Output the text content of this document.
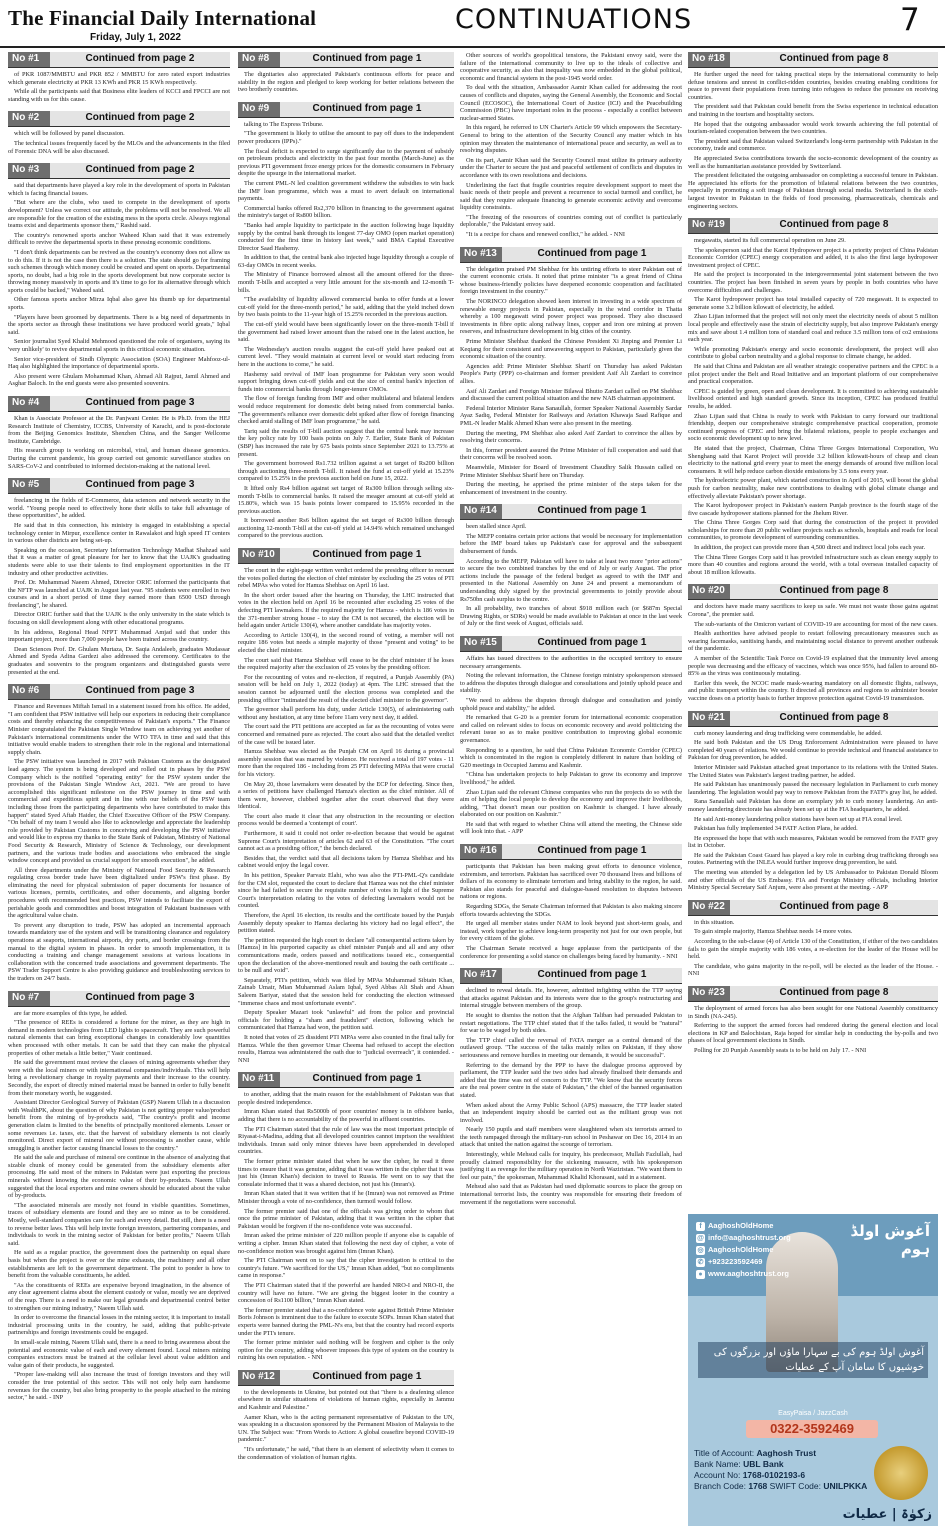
The Financial Daily International
Friday, July 1, 2022
CONTINUATIONS	7
No #1	Continued from page 2

of PKR 1087/MMBTU and PKR 852 / MMBTU for zero rated export industries which generate electricity at PKR 13 KWh and PKR 15 KWh respectively.

While all the participants said that Business elite leaders of KCCI and FPCCI are not standing with us for this cause.

No #2	Continued from page 2

which will be followed by panel discussion.

The technical issues frequently faced by the MLOs and the advancements in the filed of Forensic DNA will be also discussed.

No #3	Continued from page 2

said that departments have played a key role in the development of sports in Pakistan which is facing financial issues.

"But where are the clubs, who used to compete in the development of sports development? Unless we correct our attitude, the problems will not be resolved. We all are responsible for the creation of the existing mess in the sports circle. Always regional teams exist and departments sponsor them," Rashid said.

The country's renowned sports anchor Waheed Khan said that it was extremely difficult to revive the departmental sports in these pressing economic conditions.

"I don't think departments can be revived as the country's economy does not allow us to do this. If it is not the case then there is a solution. The state should go for framing such schemes through which money could be created and spent on sports. Departmental sports, no doubt, had a big role in the sports development but now corporate sector is throwing money massively in sports and it's time to go for its alternative through which sports could be backed," Waheed said.

Other famous sports anchor Mirza Iqbal also gave his thumb up for departmental sports.

"Players have been groomed by departments. There is a big need of departments in the sports sector as through these institutions we have produced world greats," Iqbal said.

Senior journalist Syed Khalid Mehmood questioned the role of organisers, saying its 'very unlikely' to revive departmental sports in this critical economic situation.

Senior vice-president of Sindh Olympic Association (SOA) Engineer Mahfooz-ul-Haq also highlighted the importance of departmental sports.

Also present were Ghulam Mohammad Khan, Ahmad Ali Rajput, Jamil Ahmed and Asghar Baloch. In the end guests were also presented souvenirs.

No #4	Continued from page 3

Khan is Associate Professor at the Dr. Panjwani Center. He is Ph.D. from the HEJ Research Institute of Chemistry, ICCBS, University of Karachi, and is post-doctorate from the Beijing Genomics Institute, Shenzhen China, and the Sanger Wellcome Institute, Cambridge.

His research group is working on microbial, viral, and human disease genomics. During the current pandemic, his group carried out genomic surveillance studies on SARS-CoV-2 and contributed to informed decision-making at the national level.

No #5	Continued from page 3

freelancing in the fields of E-Commerce, data sciences and network security in the world. "Young people need to effectively hone their skills to take full advantage of these opportunities", he added.

He said that in this connection, his ministry is engaged in establishing a special technology center in Mirpur, excellence center in Rawalakot and high speed IT centers in various other districts are being set-up.

Speaking on the occasion, Secretary Information Technology Madhat Shahzad said that it was a matter of great pleasure for her to know that the UAJK's graduating students were able to use their talents to find employment opportunities in the IT industry and other productive activities.

Prof. Dr. Muhammad Naeem Ahmed, Director ORIC informed the participants that the NFTP was launched at UAJK in August last year. "95 students were enrolled in two courses and in a short period of time they earned more than 6500 USD through freelancing", he shared.

Director ORIC further said that the UAJK is the only university in the state which is focusing on skill development along with other educational programs.

In his address, Regional Head NFPT Muhammad Amjad said that under this important project, more than 7,000 people have been trained across the country.

Dean Sciences Prof. Dr. Ghulam Murtaza, Dr. Saqia Andaleeb, graduates Mudassar Ahmed and Syeda Adina Gardezi also addressed the ceremony. Certificates to the graduates and souvenirs to the program organizers and distinguished guests were presented at the end.

No #6	Continued from page 3

Finance and Revenues Miftah Ismail in a statement issued from his office. He added, "I am confident that PSW initiative will help our exporters in reducing their compliance costs and thereby enhancing the competitiveness of Pakistan's exports." The Finance Minister congratulated the Pakistan Single Window team on achieving yet another of Pakistan's international commitments under the WTO TFA in time and said that this initiative would enable traders to strengthen their role in the regional and international supply chain.

The PSW initiative was launched in 2017 with Pakistan Customs as the designated lead agency. The system is being developed and rolled out in phases by the PSW Company which is the notified "operating entity" for the PSW system under the provisions of the Pakistan Single Window Act, 2021. "We are proud to have accomplished this significant milestone on the PSW journey in time and with commercial and expeditious spirit and in line with our beliefs of the PSW team including those from the participating departments who have contributed to make this happen" stated Syed Aftab Haider, the Chief Executive Officer of the PSW Company. "On behalf of my team I would also like to acknowledge and appreciate the leadership role provided by Pakistan Customs in conceiving and developing the PSW initiative and would like to express my thanks to the State Bank of Pakistan, Ministry of National Food Security & Research, Ministry of Science & Technology, our development partners, and the various trade bodies and associations who embraced the single window concept and provided us crucial support for smooth execution", he added.

All three departments under the Ministry of National Food Security & Research regulating cross border trade have been digitalized under PSW's first phase. By eliminating the need for physical submission of paper documents for issuance of various licenses, permits, certificates, and other documents, and aligning border procedures with recommended best practices, PSW intends to facilitate the export of perishable goods and commodities and boost integration of Pakistani businesses with the agricultural value chain.

To prevent any disruption to trade, PSW has adopted an incremental approach towards mandatory use of the system and will be transitioning clearance and regulatory operations at seaports, international airports, dry ports, and border crossings from the manual to the digital system in phases. In order to smooth implementation, it is conducting a training and change management sessions at various locations in collaboration with the concerned trade associations and government departments. The PSW Trader Support Centre is also providing guidance and troubleshooting services to the traders on 24/7 basis.

No #7	Continued from page 3

are far more examples of this type, he added.

"The presence of REEs is considered a fortune for the miner, as they are high in demand in modern technologies from LED lights to spacecraft. They are such powerful natural elements that can bring exceptional changes in considerably low quantities when processed with other metals. It can be said that they can make the physical properties of other metals a little better," Yasir continued.

He said the government must review the classes of mining agreements whether they were with the local miners or with international companies/individuals. This will help bring a revolutionary change in royalty payments and their increase to the country. Secondly, the export of directly mined material must be banned in order to fully benefit from their monetary worth, he suggested.

Assistant Director Geological Survey of Pakistan (GSP) Naeem Ullah in a discussion with WealthPK, about the question of why Pakistan is not getting proper value/product benefit from the mining of by-products said, "The country's profit and income generation claim is limited to the benefits of principally monitored elements. Lesser or some revenues i.e. taxes, etc. that the harvest of subsidiary elements is not clearly monitored. Direct export of mineral ore without processing is another cause, while smuggling is another factor causing financial losses to the country."

He said the sale and purchase of mineral ore continue in the absence of analyzing that sizable chunk of money could be generated from the subsidiary elements after processing. He said most of the miners in Pakistan were just exporting the precious minerals without knowing the economic value of their by-products. Naeem Ullah suggested that the local exporters and mine owners should be educated about the value of by-products.

"The associated minerals are mostly not found in visible quantities. Sometimes, traces of subsidiary elements are found and they are so minor as to be considered. Mostly, well-standard companies care for such and every detail. But still, there is a need to reverse better laws. This will help invite foreign investors, partnering companies, and individuals to work in the mining sector of Pakistan for better profits," Naeem Ullah said.

He said as a regular practice, the government does the partnership on equal share basis but when the project is over or the mine exhausts, the machinery and all other establishments are left to the government department. The point to ponder is how to benefit from the valuable constituents, he added.

"As the constituents of REEs are expensive beyond imagination, in the absence of any clear agreement claims about the element custody or value, mostly we are deprived of the reap. There is a need to make our legal grounds and departmental control better to strengthen our mining industry," Naeem Ullah said.

In order to overcome the financial losses in the mining sector, it is important to install industrial processing units in the country, he said, adding that public-private partnerships and foreign investments could be engaged.

In small-scale mining, Naeem Ullah said, there is a need to bring awareness about the potential and economic value of each and every element found. Local miners mining companies extractors must be trained at the cellular level about value addition and value gain of their products, he suggested.

"Proper law-making will also increase the trust of foreign investors and they will consider the true potential of this sector. This will not only help earn handsome revenues for the country, but also bring prosperity to the people attached to the mining sector," he said. - INP

No #8	Continued from page 1

The dignitaries also appreciated Pakistan's continuous efforts for peace and stability in the region and pledged to keep working for better relations between the two brotherly countries.

No #9	Continued from page 1

talking to The Express Tribune.

"The government is likely to utilise the amount to pay off dues to the independent power producers (IPPs)."

The fiscal deficit is expected to surge significantly due to the payment of subsidy on petroleum products and electricity in the past four months (March-June) as the previous PTI government froze energy prices for the domestic consumers in February despite the upsurge in the international market.

The current PML-N led coalition government withdrew the subsidies to win back the IMF loan programme, which was a must to avert default on international payments.

Commercial banks offered Rs2,370 billion in financing to the government against the ministry's target of Rs800 billion.

"Banks had ample liquidity to participate in the auction following huge liquidity supply by the central bank through its longest 77-day OMO (open market operation) conducted for the first time in history last week," said BMA Capital Executive Director Saad Hashemy.

In addition to that, the central bank also injected huge liquidity through a couple of 63-day OMOs in recent weeks.

The Ministry of Finance borrowed almost all the amount offered for the three-month T-bills and accepted a very little amount for the six-month and 12-month T-bills.

"The availability of liquidity allowed commercial banks to offer funds at a lower cut-off yield for the three-month period," he said, adding that the yield inched down by two basis points to the 11-year high of 15.25% recorded in the previous auction.

The cut-off yield would have been significantly lower on the three-month T-bill if the government had raised lower amount than the raised one in the latest auction, he said.

The Wednesday's auction results suggest the cut-off yield have peaked out at current level. "They would maintain at current level or would start reducing from here in the auctions to come," he said.

Hashemy said revival of IMF loan programme for Pakistan very soon would support bringing down cut-off yields and cut the size of central bank's injection of funds into commercial banks through longer-tenure OMOs.

The flow of foreign funding from IMF and other multilateral and bilateral lenders would reduce requirement for domestic debt being raised from commercial banks. "The government's reliance over domestic debt spiked after flow of foreign financing checked amid stalling of IMF loan programme," he said.

Tariq said the results of T-bill auction suggest that the central bank may increase the key policy rate by 100 basis points on July 7. Earlier, State Bank of Pakistan (SBP) has increased the rate by 675 basis points since September 2021 to 13.75% at present.

The government borrowed Rs1.732 trillion against a set target of Rs200 billion through auctioning three-month T-bill. It raised the fund at cut-off yield at 15.23% compared to 15.25% in the previous auction held on June 15, 2022.

It lifted only Rs4 billion against set target of Rs300 billion through selling six-month T-bills to commercial banks. It raised the meager amount at cut-off yield at 15.80%, which was 15 basis points lower compared to 15.95% recorded in the previous auction.

It borrowed another Rs6 billion against the set target of Rs300 billion through auctioning 12-month T-bill at the cut-off yield at 14.94% which remained unchanged compared to the previous auction.

No #10	Continued from page 1

The court in the eight-page written verdict ordered the presiding officer to recount the votes polled during the election of chief minister by excluding the 25 votes of PTI rebel MPAs who voted for Hamza Shehbaz on April 16 last.

In the short order issued after the hearing on Thursday, the LHC instructed that votes in the election held on April 16 be recounted after excluding 25 votes of the defecting PTI lawmakers. If the required majority for Hamza - which is 186 votes in the 371-member strong house - to stay the CM is not secured, the election will be held again under Article 130(4), where another candidate has majority votes.

According to Article 130(4), in the second round of voting, a member will not require 186 votes but needs a simple majority of those "present and voting" to be elected the chief minister.

The court said that Hamza Shehbaz will cease to be the chief minister if he loses the required majority after the exclusion of 25 votes by the presiding officer.

For the recounting of votes and re-election, if required, a Punjab Assembly (PA) session will be held on July 1, 2022 (today) at 4pm. The LHC stressed that the session cannot be adjourned until the election process was completed and the presiding officer "intimated the result of the elected chief minister to the governor".

The governor shall perform his duty, under Article 130(5), of administering oath without any hesitation, at any time before 11am very next day, it added.

The court said the PTI petitions are accepted as far as the recounting of votes were concerned and remained pure as rejected. The court also said that the detailed verdict of the case will be issued later.

Hamza Shehbaz was elected as the Punjab CM on April 16 during a provincial assembly session that was marred by violence. He received a total of 197 votes - 11 more than the required 186 - including from 25 PTI defecting MPAs that were crucial for his victory.

On May 20, those lawmakers were deseated by the ECP for defecting. Since then, a series of petitions have challenged Hamza's election as the chief minister. All of them were, however, clubbed together after the court observed that they were identical.

The court also made it clear that any obstruction in the recounting or election process would be deemed a 'contempt of court'.

Furthermore, it said it could not order re-election because that would be against Supreme Court's interpretation of articles 62 and 63 of the Constitution. "The court cannot act as a presiding officer," the bench declared.

Besides that, the verdict said that all decisions taken by Hamza Shehbaz and his cabinet would enjoy the legal cover.

In his petition, Speaker Parvaiz Elahi, who was also the PTI-PML-Q's candidate for the CM slot, requested the court to declare that Hamza was not the chief minister since he had failed to secure the requisite number of votes in light of the Supreme Court's interpretation relating to the votes of defecting lawmakers would not be counted.

Therefore, the April 16 election, its results and the certificate issued by the Punjab Assembly deputy speaker to Hamza declaring his victory had no legal effect", the petition stated.

The petition requested the high court to declare "all consequential actions taken by [Hamza] in his purported capacity as chief minister Punjab and all and any other communications made, orders passed and notifications issued etc., consequential upon the declaration of the above-mentioned result and issuing the oath certificate ... to be null and void".

Separately, PTI's petition, which was filed by MPAs Muhammad Sibtain Khan, Zainab Umair, Mian Muhammad Aslam Iqbal, Syed Abbas Ali Shah and Ahsan Saleem Bariyar, stated that the session held for conducting the election witnessed "immense chaos and most unfortunate events".

Deputy Speaker Mazari took "unlawful" aid from the police and provincial officials for holding a "sham and fraudulent" election, following which he communicated that Hamza had won, the petition said.

It noted that votes of 25 dissident PTI MPAs were also counted in the final tally for Hamza. While the then governor Umar Cheema had refused to accept the election results, Hamza was administered the oath due to "judicial overreach", it contended. - NNI

No #11	Continued from page 1

to another, adding that the main reason for the establishment of Pakistan was that people desired independence.

Imran Khan stated that Rs5000b of poor countries' money is in offshore banks, adding that there is no accountability of the powerful in affluent countries.

The PTI Chairman stated that the rule of law was the most important principle of Riyasat-i-Madina, adding that all developed countries cannot imprison the wealthiest individuals. Imran said only minor thieves have been apprehended in developed countries.

The former prime minister stated that when he saw the cipher, he read it three times to ensure that it was genuine, adding that it was written in the cipher that it was just his (Imran Khan's) decision to travel to Russia. He went on to say that the consulate informed that it was a shared decision, not just his (Imran's).

Imran Khan stated that it was written that if he (Imran) was not removed as Prime Minister through a vote of no-confidence, then turmoil would follow.

The former premier said that one of the officials was giving order to whom that once the prime minister of Pakistan, adding that it was written in the cipher that Pakistan would be forgiven if the no-confidence vote was successful.

Imran asked the prime minister of 220 million people if anyone else is capable of writing a cipher. Imran Khan stated that following the next day of cipher, a vote of no-confidence motion was brought against him (Imran Khan).

The PTI Chairman went on to say that the cipher investigation is critical to the country's future. "We sacrificed for the US," Imran Khan added, "but no compliments came in response."

The PTI Chairman stated that if the powerful are handed NRO-I and NRO-II, the country will have no future. "We are giving the biggest looter in the country a concession of Rs1100 billion," Imran Khan stated.

The former premier stated that a no-confidence vote against British Prime Minister Boris Johnson is imminent due to the failure to execute SOPs. Imran Khan stated that experts were banned during the PML-N's era, but that the country had record exports under the PTI's tenure.

The former prime minister said nothing will be forgiven and cipher is the only option for the country, adding whoever imposes this type of system on the country is ruining his own reputation. - NNI

No #12	Continued from page 1

to the developments in Ukraine, but pointed out that "there is a deafening silence elsewhere in similar situations of violations of human rights, especially in Jammu and Kashmir and Palestine."

Aamer Khan, who is the acting permanent representative of Pakistan to the UN, was speaking in a discussion sponsored by the Permanent Mission of Malaysia to the UN. The Subject was: "From Words to Action: A global ceasefire beyond COVID-19 pandemic."

"It's unfortunate," he said, "that there is an element of selectivity when it comes to the condemnation of violation of human rights.

Other sources of world's geopolitical tensions, the Pakistani envoy said, were the failure of the international community to live up to the ideals of collective and cooperative security, as also that inequality was now embedded in the global political, economic and financial system in the post-1945 world order.

To deal with the situation, Ambassador Aamir Khan called for addressing the root causes of conflicts and disputes, saying the General Assembly, the Economic and Social Council (ECOSOC), the International Court of Justice (ICJ) and the Peacebuilding Commission (PBC) have important roles in the process - especially a conflict between nuclear-armed States.

In this regard, he referred to UN Charter's Article 99 which empowers the Secretary-General to bring to the attention of the Security Council any matter which in his opinion may threaten the maintenance of international peace and security, as well as to resolving disputes.

On its part, Aamir Khan said the Security Council must utilize its primary authority under the Charter to secure the just and peaceful settlement of conflicts and disputes in accordance with its own resolutions and decisions.

Underlining the fact that fragile countries require development support to meet the basic needs of their people and prevent a recurrence to social turmoil and conflict, he said that they require adequate financing to generate economic activity and overcome liquidity constraints.

"The freezing of the resources of countries coming out of conflict is particularly deplorable," the Pakistani envoy said.

"It is a recipe for chaos and renewed conflict," he added. - NNI

No #13	Continued from page 1

The delegation praised PM Shehbaz for his untiring efforts to steer Pakistan out of the current economic crisis. It noted that prime minister "is a great friend of China whose business-friendly policies have deepened economic cooperation and facilitated foreign investment in the country."

The NORINCO delegation showed keen interest in investing in a wide spectrum of renewable energy projects in Pakistan, especially in the wind corridor in Thatta whereby a 100 megawatt wind power project was proposed. They also discussed investments in fibre optic along railway lines, copper and iron ore mining at proven reserves, and infrastructure development in big cities of the country.

Prime Minister Shehbaz thanked the Chinese President Xi Jinping and Premier Li Keqiang for their consistent and unwavering support to Pakistan, particularly given the economic situation of the country.

Agencies add: Prime Minister Shehbaz Sharif on Thursday has asked Pakistan People's Party (PPP) co-chairman and former president Asif Ali Zardari to convince allies.

Asif Ali Zardari and Foreign Minister Bilawal Bhutto Zardari called on PM Shehbaz and discussed the current political situation and the new NAB chairman appointment.

Federal Interior Minister Rana Sanaullah, former Speaker National Assembly Sardar Ayaz Sadiq, Federal Minister for Railways and Aviation Khawaja Saad Rafique and PML-N leader Malik Ahmed Khan were also present in the meeting.

During the meeting, PM Shehbaz also asked Asif Zardari to convince the allies by resolving their concerns.

In this, former president assured the Prime Minister of full cooperation and said that their concerns will be resolved soon.

Meanwhile, Minister for Board of Investment Chaudhry Salik Hussain called on Prime Minister Shehbaz Sharif here on Thursday.

During the meeting, he apprised the prime minister of the steps taken for the enhancement of investment in the country.

No #14	Continued from page 1

been stalled since April.

The MEFP contains certain prior actions that would be necessary for implementation before the IMF board takes up Pakistan's case for approval and the subsequent disbursement of funds.

According to the MEFP, Pakistan will have to take at least two more "prior actions" to secure the two combined tranches by the end of July or early August. The prior actions include the passage of the federal budget as agreed to with the IMF and presented in the National Assembly on June 24 and present a memorandum of understanding duly signed by the provincial governments to jointly provide about Rs750bn cash surplus to the centre.

In all probability, two tranches of about $918 million each (or $687m Special Drawing Rights, or SDRs) would be made available to Pakistan at once in the last week of July or the first week of August, officials said.

No #15	Continued from page 1

Affairs has issued directives to the authorities in the occupied territory to ensure necessary arrangements.

Noting the relevant information, the Chinese foreign ministry spokesperson stressed to address the disputes through dialogue and consultations and jointly uphold peace and stability.

"We need to address the disputes through dialogue and consultation and jointly uphold peace and stability," he added.

He remarked that G-20 is a premier forum for international economic cooperation and called on relevant sides to focus on economic recovery and avoid politicizing the relevant issue so as to make positive contribution to improving global economic governance.

Responding to a question, he said that China Pakistan Economic Corridor (CPEC) which is concentrated in the region is completely different in nature than holding of G20 meetings in Occupied Jammu and Kashmir.

"China has undertaken projects to help Pakistan to grow its economy and improve livelihood," he added.

Zhao Lijian said the relevant Chinese companies who run the projects do so with the aim of helping the local people to develop the economy and improve their livelihoods, adding, "That doesn't mean our position on Kashmir is changed. I have already elaborated on our position on Kashmir."

He said that with regard to whether China will attend the meeting, the Chinese side will look into that. - APP

No #16	Continued from page 1

participants that Pakistan has been making great efforts to denounce violence, extremism, and terrorism. Pakistan has sacrificed over 70 thousand lives and billions of dollars of its economy to eliminate terrorism and bring stability to the region, he said. Pakistan also stands for peaceful and dialogue-based resolution to disputes between nations or regions.

Regarding SDGs, the Senate Chairman informed that Pakistan is also making sincere efforts towards achieving the SDGs.

He urged all member states under NAM to look beyond just short-term goals, and instead, work together to achieve long-term prosperity not just for our own people, but for every citizen of the globe.

The Chairman Senate received a huge applause from the participants of the conference for presenting a solid stance on challenges being faced by humanity. - NNI

No #17	Continued from page 1

declined to reveal details. He, however, admitted infighting within the TTP saying that attacks against Pakistan and its interests were due to the group's restructuring and internal struggle between members of the group.

He sought to dismiss the notion that the Afghan Taliban had persuaded Pakistan to restart negotiations. The TTP chief stated that if the talks failed, it would be "natural" for war to be waged by both sides.

The TTP chief called the reversal of FATA merger as a central demand of the outlawed group. "The success of the talks mainly relies on Pakistan, if they show seriousness and remove hurdles in meeting our demands, it would be successful".

Referring to the demand by the PPP to have the dialogue process approved by parliament, the TTP leader said the two sides had already finalised their demands and added that the time was not of concern to the TTP. "We know that the security forces are the real power centre in the state of Pakistan," the chief of the banned organisation stated.

When asked about the Army Public School (APS) massacre, the TTP leader stated that an independent inquiry should be carried out as the militant group was not involved.

Nearly 150 pupils and staff members were slaughtered when six terrorists armed to the teeth rampaged through the military-run school in Peshawar on Dec 16, 2014 in an attack that united the nation against the scourge of terrorism.

Interestingly, while Mehsud calls for inquiry, his predecessor, Mullah Fazlullah, had proudly claimed responsibility for the sickening massacre, with his spokesperson justifying it as revenge for the military operation in North Waziristan. "We want them to feel our pain," the spokesman, Muhammad Khalid Khorasani, said in a statement.

Mehsud also said that as Pakistan had used diplomatic sources to place the group on international terrorist lists, the country was responsible for ensuring their freedom of movement if the negotiations were successful.

No #18	Continued from page 8

He further urged the need for taking practical steps by the international community to help defuse tensions and unrest in conflict-ridden countries, besides creating enabling conditions for peace to prevent their populations from turning into refugees to reduce the pressure on receiving countries.

The president said that Pakistan could benefit from the Swiss experience in technical education and training in the tourism and hospitality sectors.

He hoped that the outgoing ambassador would work towards achieving the full potential of tourism-related cooperation between the two countries.

The president said that Pakistan valued Switzerland's long-term partnership with Pakistan in the economy, trade and commerce.

He appreciated Swiss contributions towards the socio-economic development of the country as well as the humanitarian assistance provided by Switzerland.

The president felicitated the outgoing ambassador on completing a successful tenure in Pakistan. He appreciated his efforts for the promotion of bilateral relations between the two countries, especially in promoting a soft image of Pakistan through social media. Switzerland is the sixth-largest investor in Pakistan in the fields of food processing, pharmaceuticals, chemicals and engineering sectors.

No #19	Continued from page 8

megawatts, started its full commercial operation on June 29.

The spokesperson said that the Karot Hydropower project is a priority project of China Pakistan Economic Corridor (CPEC) energy cooperation and added, it is also the first large hydropower investment project of CPEC.

He said the project is incorporated in the intergovernmental joint statement between the two countries. The project has been finished in seven years by people in both countries who have overcome difficulties and challenges.

The Karot hydropower project has total installed capacity of 720 megawatt. It is expected to generate some 3.2 billion kilowatt of electricity, he added.

Zhao Lijian informed that the project will not only meet the electricity needs of about 5 million local people and effectively ease the strain of electricity supply, but also improve Pakistan's energy mix and save about 1.4 million tons of standard coal and reduce 3.5 million tons of co2 emissions each year.

While promoting Pakistan's energy and socio economic development, the project will also contribute to global carbon neutrality and a global response to climate change, he added.

He said that China and Pakistan are all weather strategic cooperative partners and the CPEC is a pilot project under the Belt and Road Initiative and an important platform of our comprehensive and practical cooperation.

CPEC is guided by green, open and clean development. It is committed to achieving sustainable livelihood oriented and high standard growth. Since its inception, CPEC has produced fruitful results, he added.

Zhao Lijian said that China is ready to work with Pakistan to carry forward our traditional friendship, deepen our comprehensive strategic comprehensive practical cooperation, promote continued progress of CPEC and bring the bilateral relations, people to people exchanges and socio economic development up to new level.

He stated that the project, Chairman, China Three Gorges International Corporation, Wu Shenghang said that Karot Project will provide 3.2 billion kilowatt-hours of cheap and clean electricity to the national grid every year to meet the energy demands of around five million local consumers. It will help reduce carbon dioxide emissions by 3.5 tons every year.

The hydroelectric power plant, which started construction in April of 2015, will boost the global push for carbon neutrality, make new contributions to dealing with global climate change and effectively alleviate Pakistan's power shortage.

The Karot hydropower project in Pakistan's eastern Punjab province is the fourth stage of the five cascade hydropower stations planned for the Jhelum River.

The China Three Gorges Corp said that during the construction of the project it provided scholarships for more than 20 public welfare projects such as schools, hospitals and roads for local communities, to promote development of surrounding communities.

In addition, the project can provide more than 4,500 direct and indirect local jobs each year.

The China Three Gorges Corp said it has provided infrastructure such as clean energy supply to more than 40 counties and regions around the world, with a total overseas installed capacity of about 18 million kilowatts.

No #20	Continued from page 8

and doctors have made many sacrifices to keep us safe. We must not waste those gains against Corona", the premier said.

The sub-variants of the Omicron variant of COVID-19 are accounting for most of the new cases.

Health authorities have advised people to restart following precautionary measures such as wearing facemasks, sanitising hands, and maintaining social distance to prevent another outbreak of the pandemic.

A member of the Scientific Task Force on Covid-19 explained that the immunity level among people was decreasing and the efficacy of vaccines, which was once 95%, had fallen to around 80-85% as the virus was continuously mutating.

Earlier this week, the NCOC made mask-wearing mandatory on all domestic flights, railways, and public transport within the country. It directed all provinces and regions to administer booster vaccine doses on a priority basis to further improve protection against Covid-19 transmission.

No #21	Continued from page 8

curb money laundering and drug trafficking were commendable, he added.

He said both Pakistan and the US Drug Enforcement Administration were pleased to have completed 40 years of relations. We would continue to provide technical and financial assistance to Pakistan for drug prevention, he added.

Interior Minister said Pakistan attached great importance to its relations with the United States. The United States was Pakistan's largest trading partner, he added.

He said Pakistan has unanimously passed the necessary legislation in Parliament to curb money laundering. The legislation would pay way to remove Pakistan from the FATF's gray list, he added.

Rana Sanaullah said Pakistan has done an exemplary job to curb money laundering. An anti-money laundering directorate has already been set up at the FIA headquarters, he added.

He said Anti-money laundering police stations have been set up at FIA zonal level.

Pakistan has fully implemented 34 FATF Action Plans, he added.

He expressed the hope that with such measures, Pakistan would be removed from the FATF grey list in October.

He said the Pakistan Coast Guard has played a key role in curbing drug trafficking through sea routes. Partnering with the INLEA would further improve drug prevention, he said.

The meeting was attended by a delegation led by US Ambassador to Pakistan Donald Bloom and other officials of the US Embassy. FIA and Foreign Ministry officials, including Interior Ministry Special Secretary Saif Anjum, were also present at the meeting. - APP

No #22	Continued from page 8

in this situation.

To gain simple majority, Hamza Shehbaz needs 14 more votes.

According to the sub-clause (4) of Article 130 of the Constitution, if either of the two candidates fails to gain the simple majority with 186 votes, a re-election for the leader of the House will be held.

The candidate, who gains majority in the re-poll, will be elected as the leader of the House. - NNI

No #23	Continued from page 8

The deployment of armed forces has also been sought for one National Assembly constituency in Sindh (NA-245).

Referring to the support the armed forces had rendered during the general election and local elections in KP and Balochistan, Raja hoped for similar help in conducting the by-polls and two phases of local government elections in Sindh.

Polling for 20 Punjab Assembly seats is to be held on July 17. - NNI

f AaghoshOldHome
@ info@aaghoshtrust.org
◎ AaghoshOldHome
✆ +923223592469
● www.aaghoshtrust.org
آغوش اولڈ ہوم
آغوش اولڈ ہوم کی بے سہارا ماؤں اور بزرگوں کی خوشیوں کا سامان آپ کے عطیات
EasyPaisa / JazzCash
0322-3592469
Title of Account: Aaghosh Trust
Bank Name: UBL Bank
Account No: 1768-0102193-6
Branch Code: 1768 SWIFT Code: UNILPKKA
زکوٰۃ | عطیات
